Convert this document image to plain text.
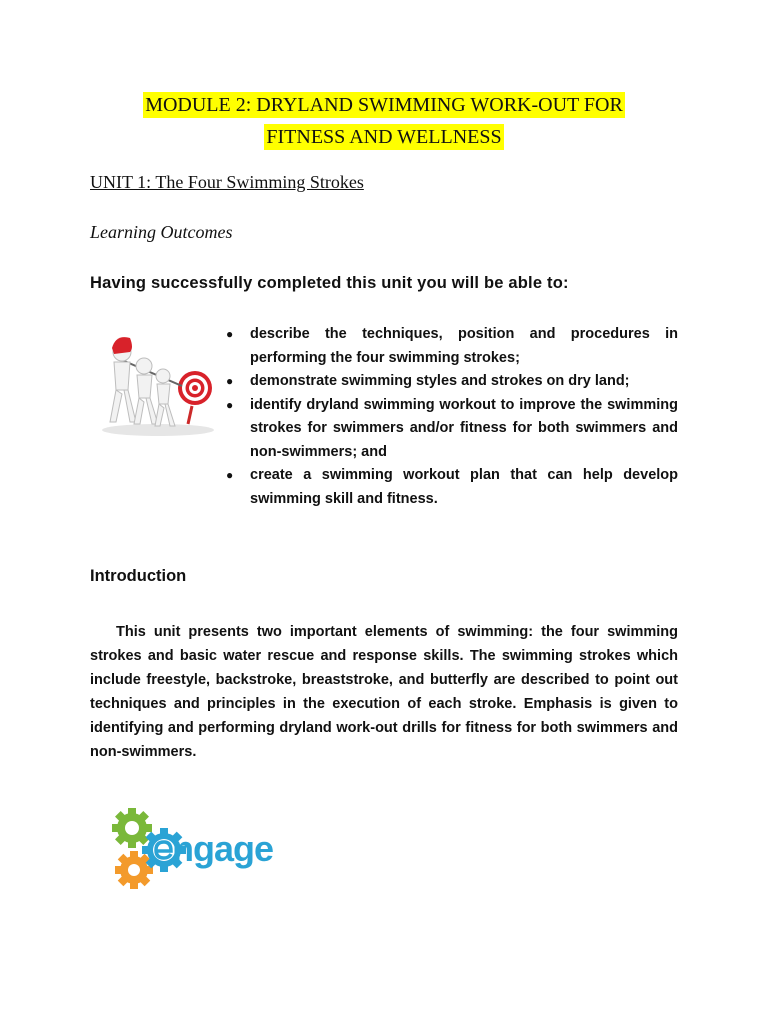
MODULE 2: DRYLAND SWIMMING WORK-OUT FOR
FITNESS AND WELLNESS
UNIT 1: The Four Swimming Strokes
Learning Outcomes
Having successfully completed this unit you will be able to:
● describe the techniques, position and procedures in performing the four swimming strokes;
● demonstrate swimming styles and strokes on dry land;
● identify dryland swimming workout to improve the swimming strokes for swimmers and/or fitness for both swimmers and non-swimmers; and
● create a swimming workout plan that can help develop swimming skill and fitness.
Introduction

This unit presents two important elements of swimming: the four swimming strokes and basic water rescue and response skills. The swimming strokes which include freestyle, backstroke, breaststroke, and butterfly are described to point out techniques and principles in the execution of each stroke. Emphasis is given to identifying and performing dryland work-out drills for fitness for both swimmers and non-swimmers.

ngage
